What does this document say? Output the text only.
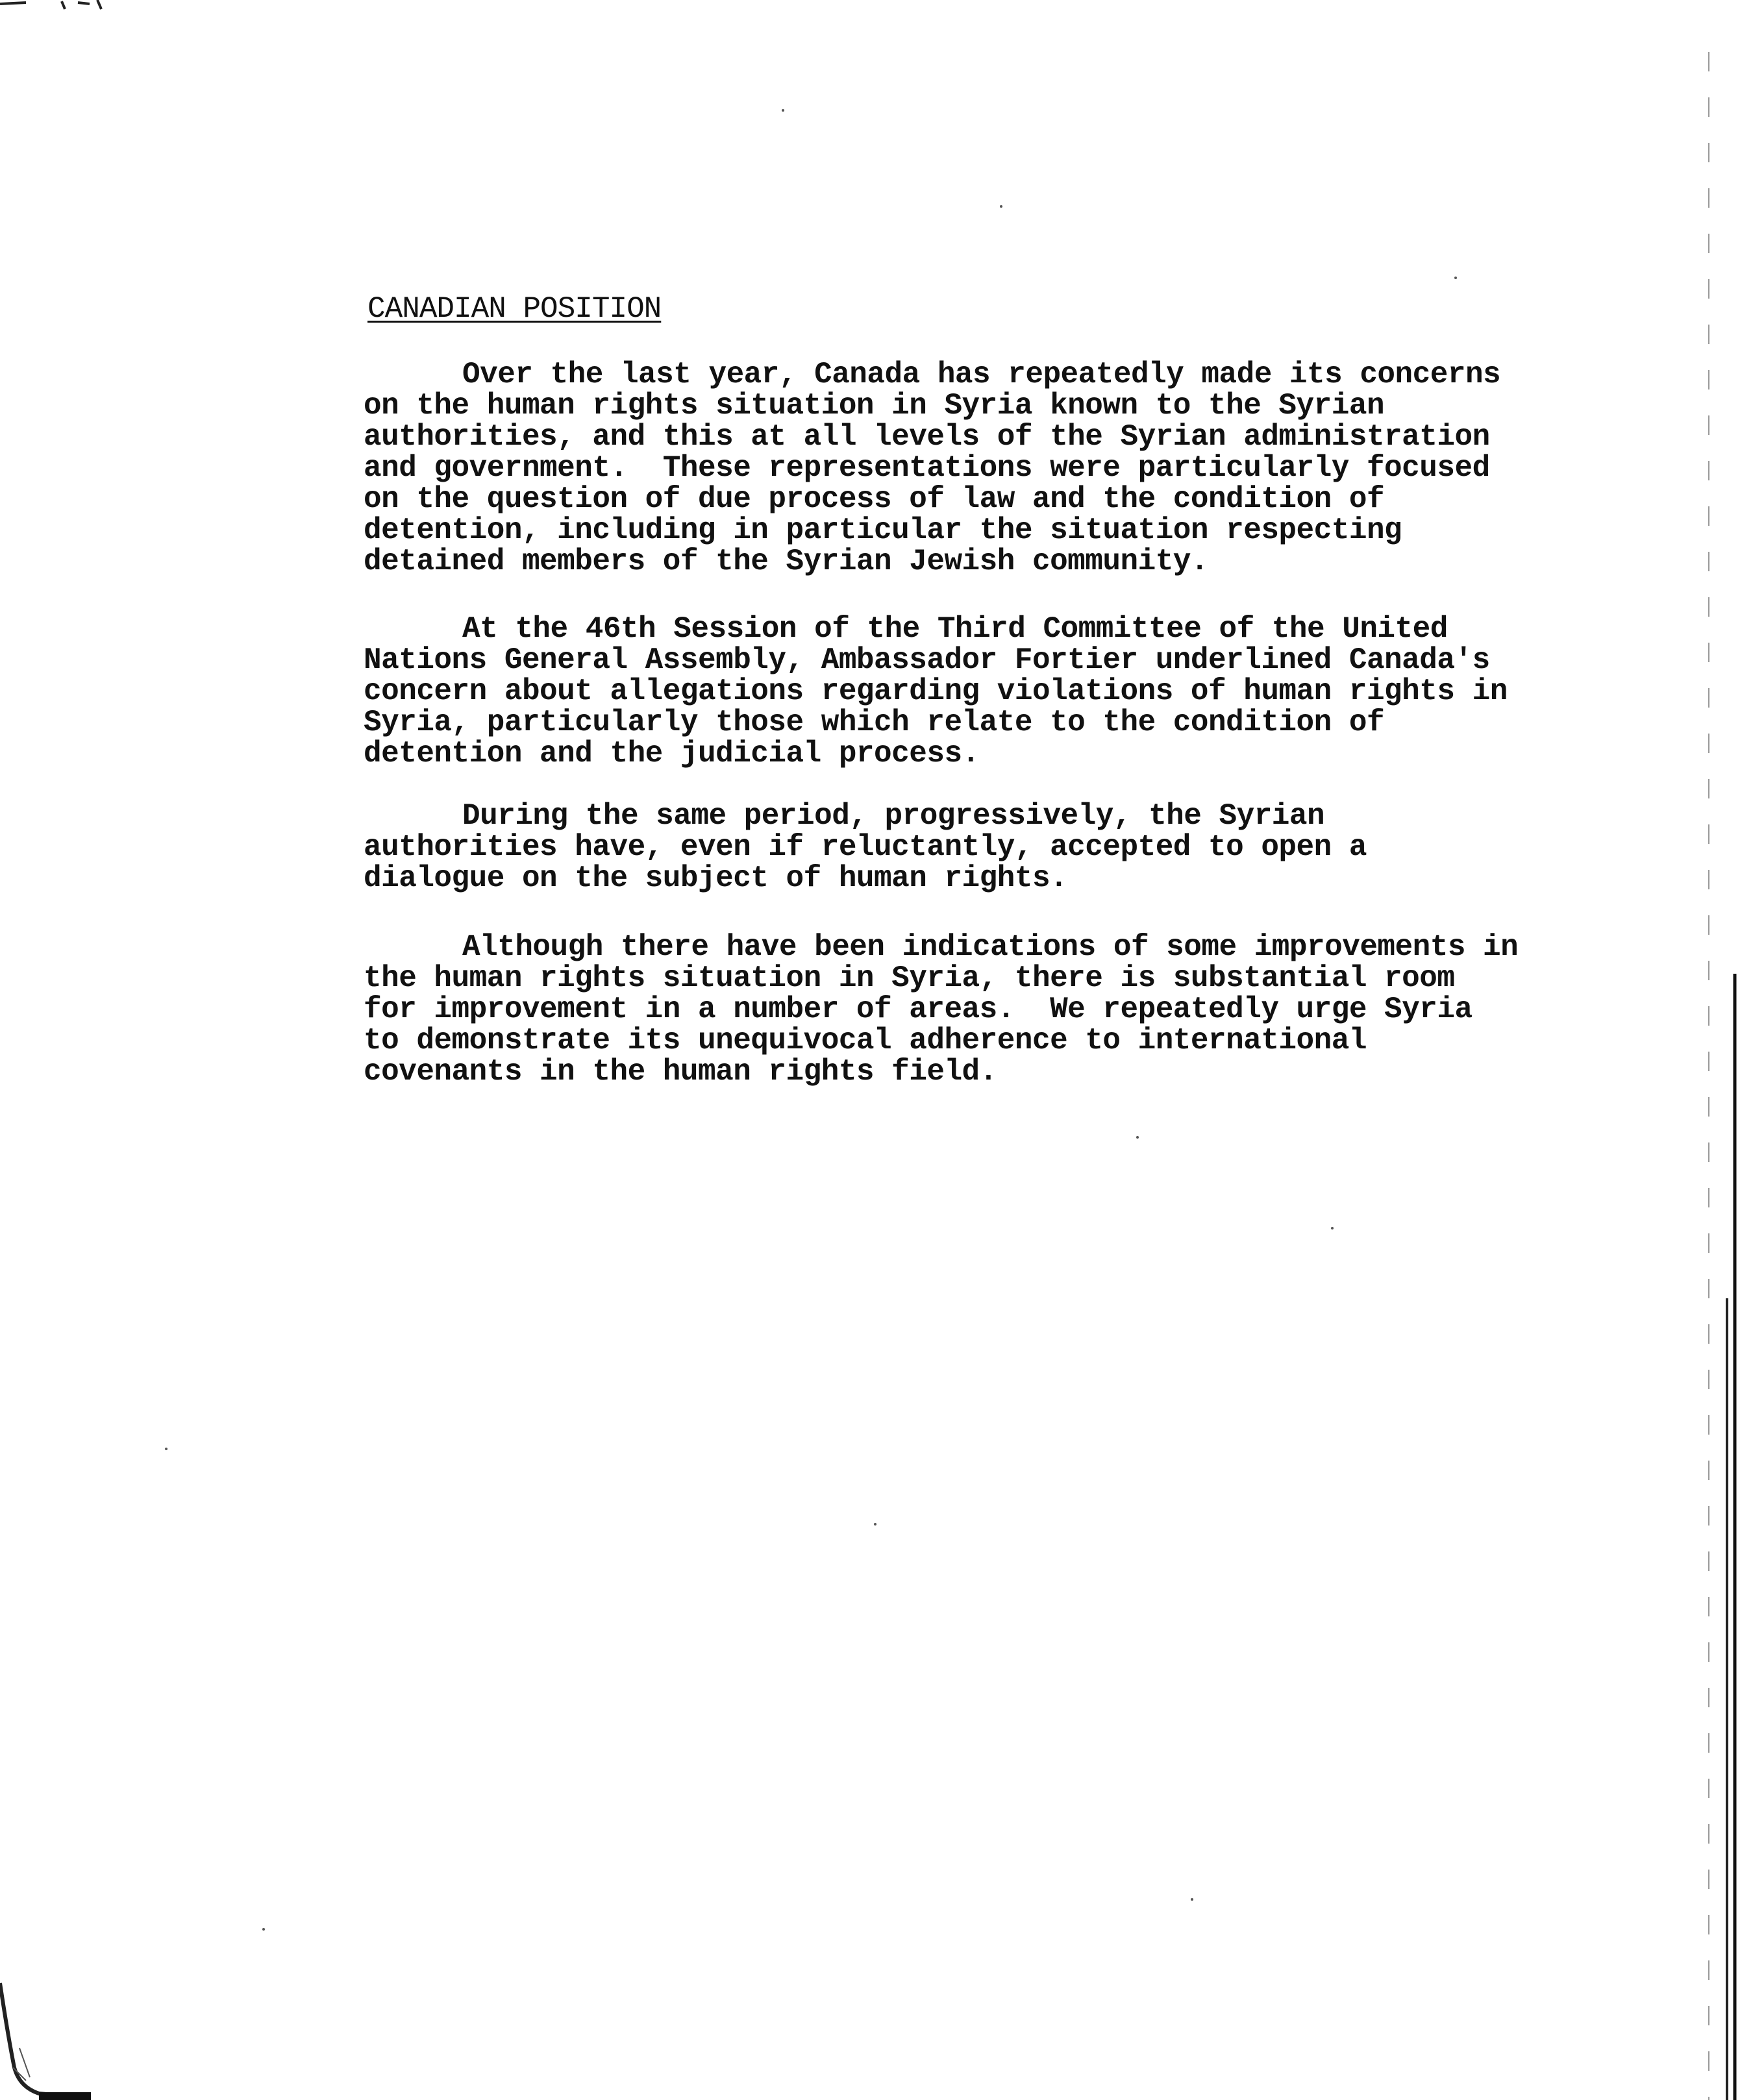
CANADIAN POSITION
Over the last year, Canada has repeatedly made its concerns
on the human rights situation in Syria known to the Syrian
authorities, and this at all levels of the Syrian administration
and government.  These representations were particularly focused
on the question of due process of law and the condition of
detention, including in particular the situation respecting
detained members of the Syrian Jewish community.
At the 46th Session of the Third Committee of the United
Nations General Assembly, Ambassador Fortier underlined Canada's
concern about allegations regarding violations of human rights in
Syria, particularly those which relate to the condition of
detention and the judicial process.
During the same period, progressively, the Syrian
authorities have, even if reluctantly, accepted to open a
dialogue on the subject of human rights.
Although there have been indications of some improvements in
the human rights situation in Syria, there is substantial room
for improvement in a number of areas.  We repeatedly urge Syria
to demonstrate its unequivocal adherence to international
covenants in the human rights field.
